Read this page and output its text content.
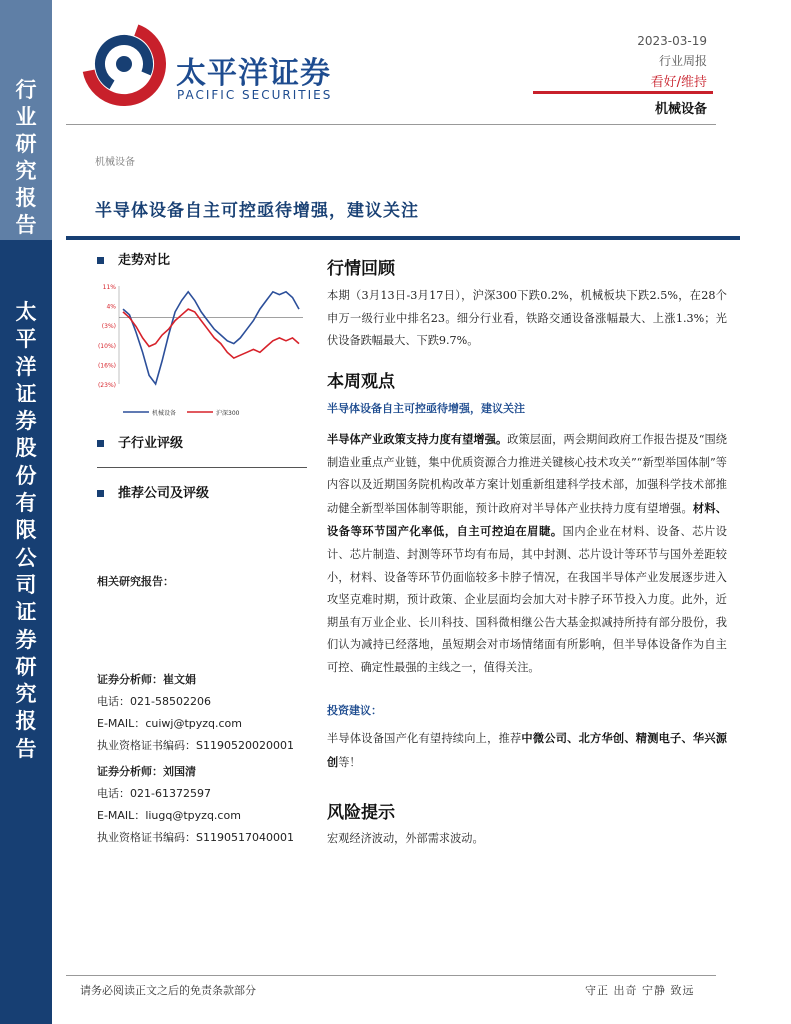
行
业
研
究
报
告
太
平
洋
证
券
股
份
有
限
公
司
证
券
研
究
报
告
太平洋证券
PACIFIC SECURITIES
2023-03-19
行业周报
看好/维持
机械设备
机械设备
半导体设备自主可控亟待增强，建议关注
走势对比
11%
4%
(3%)
(10%)
(16%)
(23%)
机械设备	沪深300
子行业评级
推荐公司及评级
相关研究报告：
证券分析师：崔文娟
电话：021-58502206
E-MAIL：cuiwj@tpyzq.com
执业资格证书编码：S1190520020001
证券分析师：刘国清
电话：021-61372597
E-MAIL：liugq@tpyzq.com
执业资格证书编码：S1190517040001
行情回顾
本期（3月13日-3月17日），沪深300下跌0.2%，机械板块下跌2.5%，在28个申万一级行业中排名23。细分行业看，铁路交通设备涨幅最大、上涨1.3%；光伏设备跌幅最大、下跌9.7%。
本周观点
半导体设备自主可控亟待增强，建议关注
半导体产业政策支持力度有望增强。政策层面，两会期间政府工作报告提及“围绕制造业重点产业链，集中优质资源合力推进关键核心技术攻关”“新型举国体制”等内容以及近期国务院机构改革方案计划重新组建科学技术部，加强科学技术部推动健全新型举国体制等职能，预计政府对半导体产业扶持力度有望增强。材料、设备等环节国产化率低，自主可控迫在眉睫。国内企业在材料、设备、芯片设计、芯片制造、封测等环节均有布局，其中封测、芯片设计等环节与国外差距较小，材料、设备等环节仍面临较多卡脖子情况，在我国半导体产业发展逐步进入攻坚克难时期，预计政策、企业层面均会加大对卡脖子环节投入力度。此外，近期虽有万业企业、长川科技、国科微相继公告大基金拟减持所持有部分股份，我们认为减持已经落地，虽短期会对市场情绪面有所影响，但半导体设备作为自主可控、确定性最强的主线之一，值得关注。
投资建议：
半导体设备国产化有望持续向上，推荐中微公司、北方华创、精测电子、华兴源创等！
风险提示
宏观经济波动，外部需求波动。
请务必阅读正文之后的免责条款部分	守正 出奇 宁静 致远
